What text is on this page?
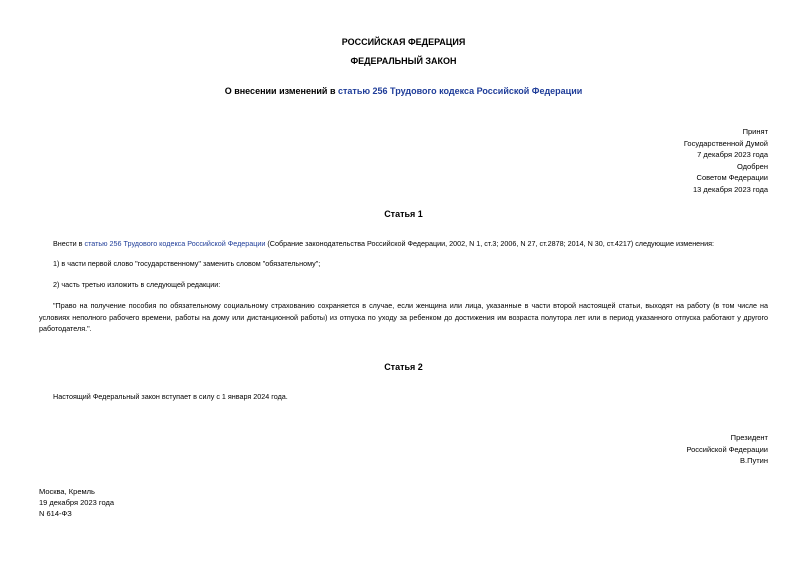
РОССИЙСКАЯ ФЕДЕРАЦИЯ
ФЕДЕРАЛЬНЫЙ ЗАКОН
О внесении изменений в статью 256 Трудового кодекса Российской Федерации
Принят
Государственной Думой
7 декабря 2023 года
Одобрен
Советом Федерации
13 декабря 2023 года
Статья 1
Внести в статью 256 Трудового кодекса Российской Федерации (Собрание законодательства Российской Федерации, 2002, N 1, ст.3; 2006, N 27, ст.2878; 2014, N 30, ст.4217) следующие изменения:
1) в части первой слово "государственному" заменить словом "обязательному";
2) часть третью изложить в следующей редакции:
"Право на получение пособия по обязательному социальному страхованию сохраняется в случае, если женщина или лица, указанные в части второй настоящей статьи, выходят на работу (в том числе на условиях неполного рабочего времени, работы на дому или дистанционной работы) из отпуска по уходу за ребенком до достижения им возраста полутора лет или в период указанного отпуска работают у другого работодателя.".
Статья 2
Настоящий Федеральный закон вступает в силу с 1 января 2024 года.
Президент
Российской Федерации
В.Путин
Москва, Кремль
19 декабря 2023 года
N 614-ФЗ
